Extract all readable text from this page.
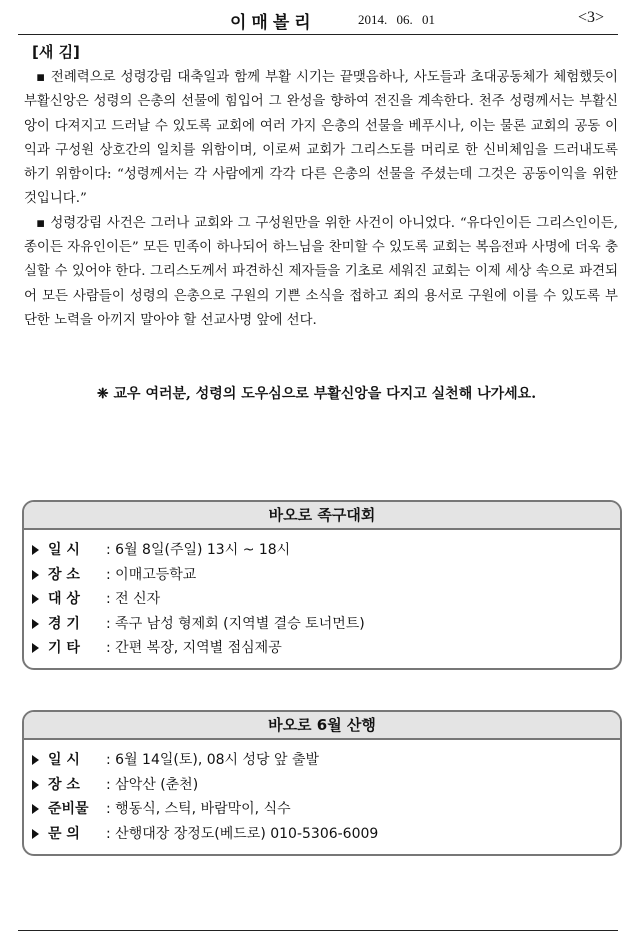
이매볼리	2014. 06. 01	<3>
[새 김]

▪ 전례력으로 성령강림 대축일과 함께 부활 시기는 끝맺음하나, 사도들과 초대공동체가 체험했듯이 부활신앙은 성령의 은총의 선물에 힘입어 그 완성을 향하여 전진을 계속한다. 천주 성령께서는 부활신앙이 다져지고 드러날 수 있도록 교회에 여러 가지 은총의 선물을 베푸시나, 이는 물론 교회의 공동 이익과 구성원 상호간의 일치를 위함이며, 이로써 교회가 그리스도를 머리로 한 신비체임을 드러내도록 하기 위함이다: “성령께서는 각 사람에게 각각 다른 은총의 선물을 주셨는데 그것은 공동이익을 위한 것입니다.”

▪ 성령강림 사건은 그러나 교회와 그 구성원만을 위한 사건이 아니었다. “유다인이든 그리스인이든, 종이든 자유인이든” 모든 민족이 하나되어 하느님을 찬미할 수 있도록 교회는 복음전파 사명에 더욱 충실할 수 있어야 한다. 그리스도께서 파견하신 제자들을 기초로 세워진 교회는 이제 세상 속으로 파견되어 모든 사람들이 성령의 은총으로 구원의 기쁜 소식을 접하고 죄의 용서로 구원에 이를 수 있도록 부단한 노력을 아끼지 말아야 할 선교사명 앞에 선다.

❈ 교우 여러분, 성령의 도우심으로 부활신앙을 다지고 실천해 나가세요.
바오로 족구대회
일 시	: 6월 8일(주일) 13시 ~ 18시
장 소	: 이매고등학교
대 상	: 전 신자
경 기	: 족구 남성 형제회 (지역별 결승 토너먼트)
기 타	: 간편 복장, 지역별 점심제공
바오로 6월 산행
일 시	: 6월 14일(토), 08시 성당 앞 출발
장 소	: 삼악산 (춘천)
준비물	: 행동식, 스틱, 바람막이, 식수
문 의	: 산행대장 장정도(베드로) 010-5306-6009
